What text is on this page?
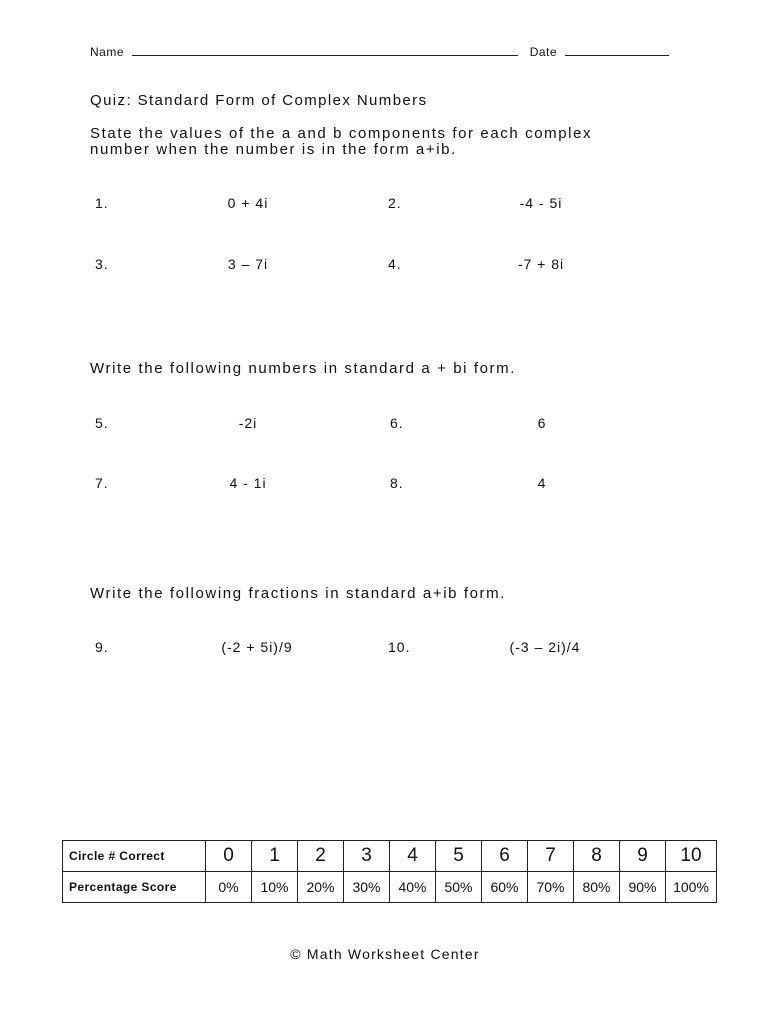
Name	Date
Quiz: Standard Form of Complex Numbers
State the values of the a and b components for each complex
number when the number is in the form a+ib.
1.	0 + 4i	2.	-4 - 5i
3.	3 – 7i	4.	-7 + 8i
Write the following numbers in standard a + bi form.
5.	-2i	6.	6
7.	4 - 1i	8.	4
Write the following fractions in standard a+ib form.
9.	(-2 + 5i)/9	10.	(-3 – 2i)/4
Circle # Correct	0	1	2	3	4	5	6	7	8	9	10
Percentage Score	0%	10%	20%	30%	40%	50%	60%	70%	80%	90%	100%
© Math Worksheet Center
